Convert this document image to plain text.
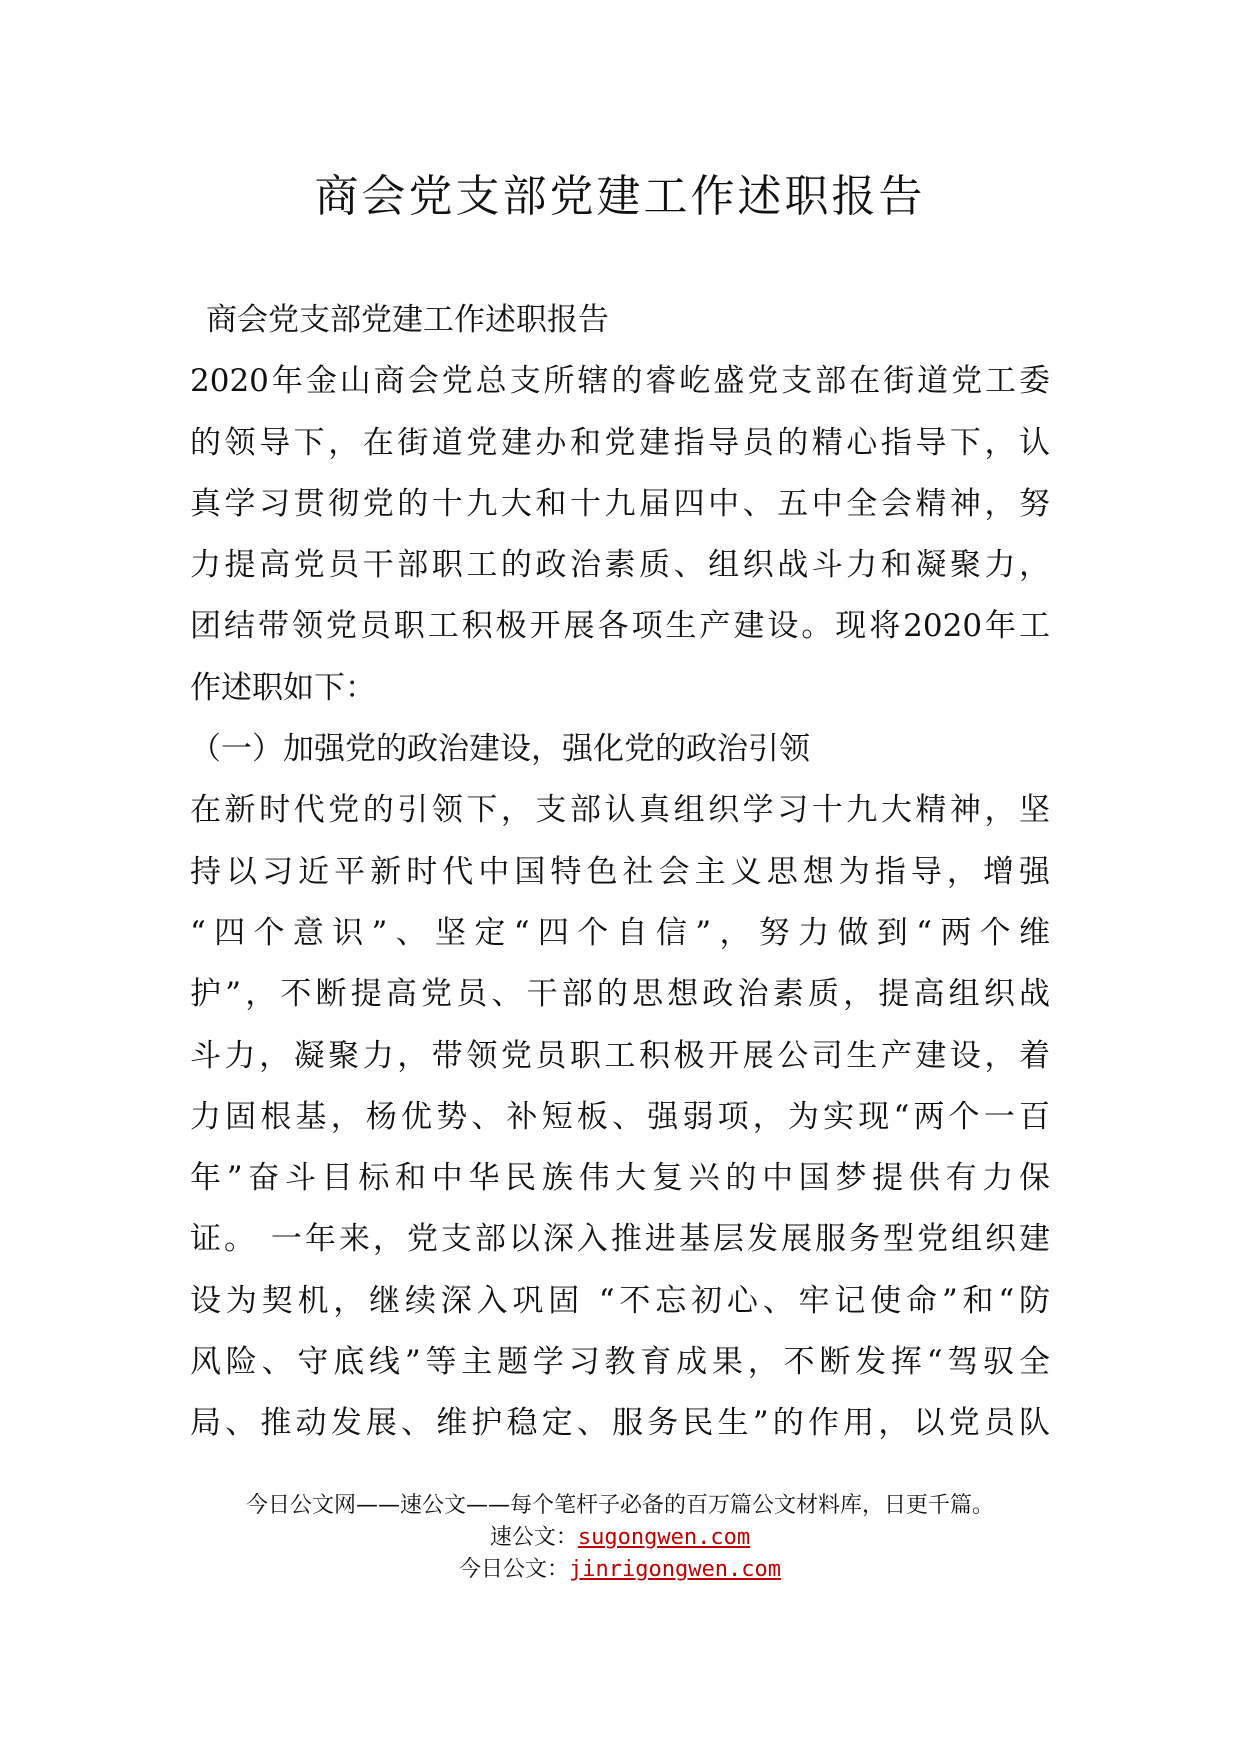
商会党支部党建工作述职报告
商会党支部党建工作述职报告
2020年金山商会党总支所辖的睿屹盛党支部在街道党工委
的领导下，在街道党建办和党建指导员的精心指导下，认
真学习贯彻党的十九大和十九届四中、五中全会精神，努
力提高党员干部职工的政治素质、组织战斗力和凝聚力，
团结带领党员职工积极开展各项生产建设。现将2020年工
作述职如下：
（一）加强党的政治建设，强化党的政治引领
在新时代党的引领下，支部认真组织学习十九大精神，坚
持以习近平新时代中国特色社会主义思想为指导，增强
“四个意识”、坚定“四个自信”，努力做到“两个维
护”，不断提高党员、干部的思想政治素质，提高组织战
斗力，凝聚力，带领党员职工积极开展公司生产建设，着
力固根基，杨优势、补短板、强弱项，为实现“两个一百
年”奋斗目标和中华民族伟大复兴的中国梦提供有力保
证。 一年来，党支部以深入推进基层发展服务型党组织建
设为契机，继续深入巩固 “不忘初心、牢记使命”和“防
风险、守底线”等主题学习教育成果，不断发挥“驾驭全
局、推动发展、维护稳定、服务民生”的作用，以党员队
今日公文网——速公文——每个笔杆子必备的百万篇公文材料库，日更千篇。
速公文：sugongwen.com
今日公文：jinrigongwen.com
